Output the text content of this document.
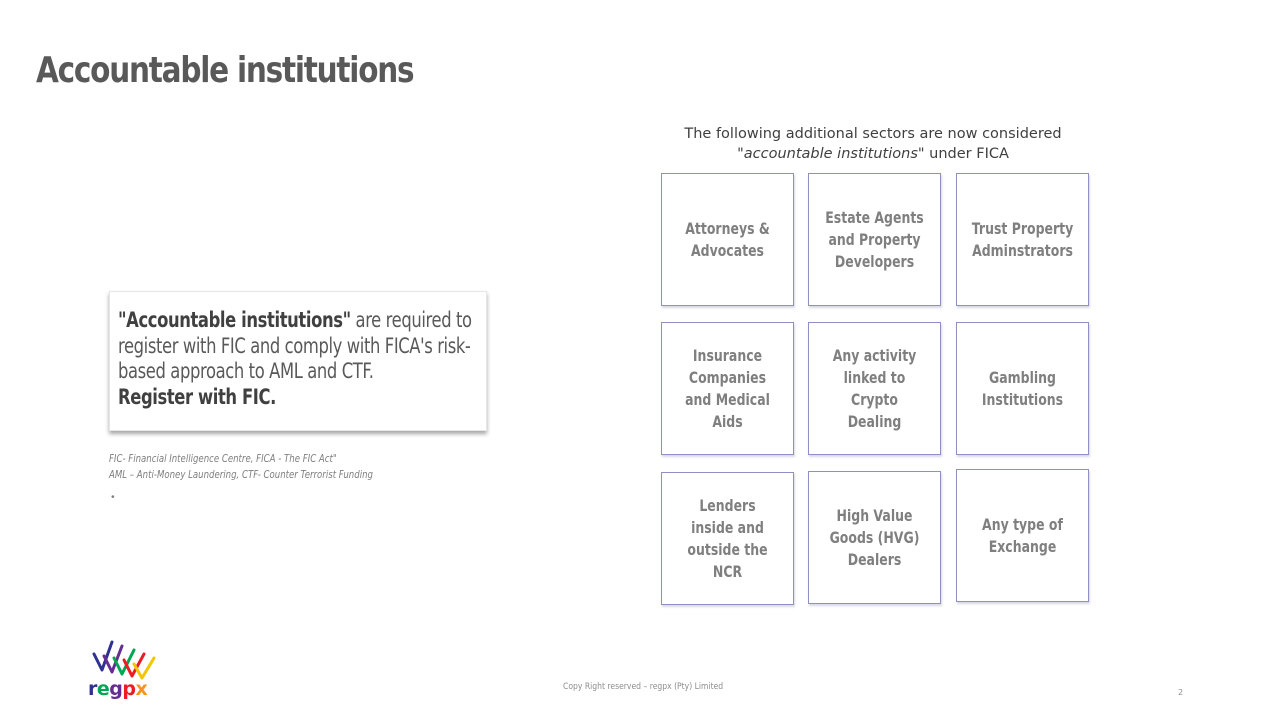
Accountable institutions
"Accountable institutions" are required to register with FIC and comply with FICA's risk-based approach to AML and CTF.
Register with FIC.
FIC- Financial Intelligence Centre, FICA - The FIC Act"
AML – Anti-Money Laundering, CTF- Counter Terrorist Funding
•
The following additional sectors are now considered
"accountable institutions" under FICA
Attorneys & Advocates
Estate Agents and Property Developers
Trust Property Adminstrators
Insurance Companies and Medical Aids
Any activity linked to Crypto Dealing
Gambling Institutions
Lenders inside and outside the NCR
High Value Goods (HVG) Dealers
Any type of Exchange
regpx	Copy Right reserved – regpx (Pty) Limited
2
